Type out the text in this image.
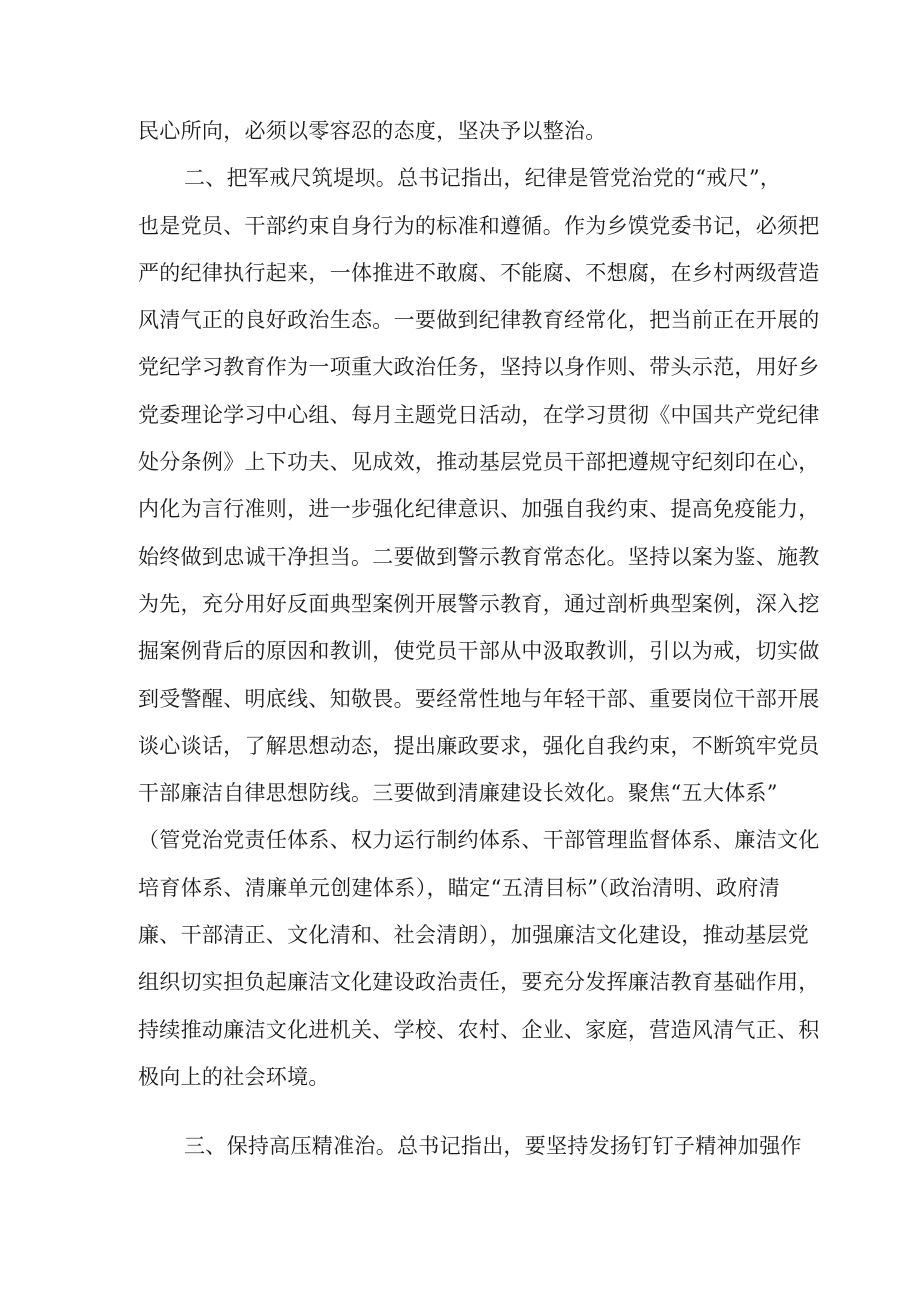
民心所向，必须以零容忍的态度，坚决予以整治。
二、把军戒尺筑堤坝。总书记指出，纪律是管党治党的“戒尺”，
也是党员、干部约束自身行为的标准和遵循。作为乡馍党委书记，必须把
严的纪律执行起来，一体推进不敢腐、不能腐、不想腐，在乡村两级营造
风清气正的良好政治生态。一要做到纪律教育经常化，把当前正在开展的
党纪学习教育作为一项重大政治任务，坚持以身作则、带头示范，用好乡
党委理论学习中心组、每月主题党日活动，在学习贯彻《中国共产党纪律
处分条例》上下功夫、见成效，推动基层党员干部把遵规守纪刻印在心，
内化为言行准则，进一步强化纪律意识、加强自我约束、提高免疫能力，
始终做到忠诚干净担当。二要做到警示教育常态化。坚持以案为鉴、施教
为先，充分用好反面典型案例开展警示教育，通过剖析典型案例，深入挖
掘案例背后的原因和教训，使党员干部从中汲取教训，引以为戒，切实做
到受警醒、明底线、知敬畏。要经常性地与年轻干部、重要岗位干部开展
谈心谈话，了解思想动态，提出廉政要求，强化自我约束，不断筑牢党员
干部廉洁自律思想防线。三要做到清廉建设长效化。聚焦“五大体系”
（管党治党责任体系、权力运行制约体系、干部管理监督体系、廉洁文化
培育体系、清廉单元创建体系），瞄定“五清目标”（政治清明、政府清
廉、干部清正、文化清和、社会清朗），加强廉洁文化建设，推动基层党
组织切实担负起廉洁文化建设政治责任，要充分发挥廉洁教育基础作用，
持续推动廉洁文化进机关、学校、农村、企业、家庭，营造风清气正、积
极向上的社会环境。
三、保持高压精准治。总书记指出，要坚持发扬钉钉子精神加强作
